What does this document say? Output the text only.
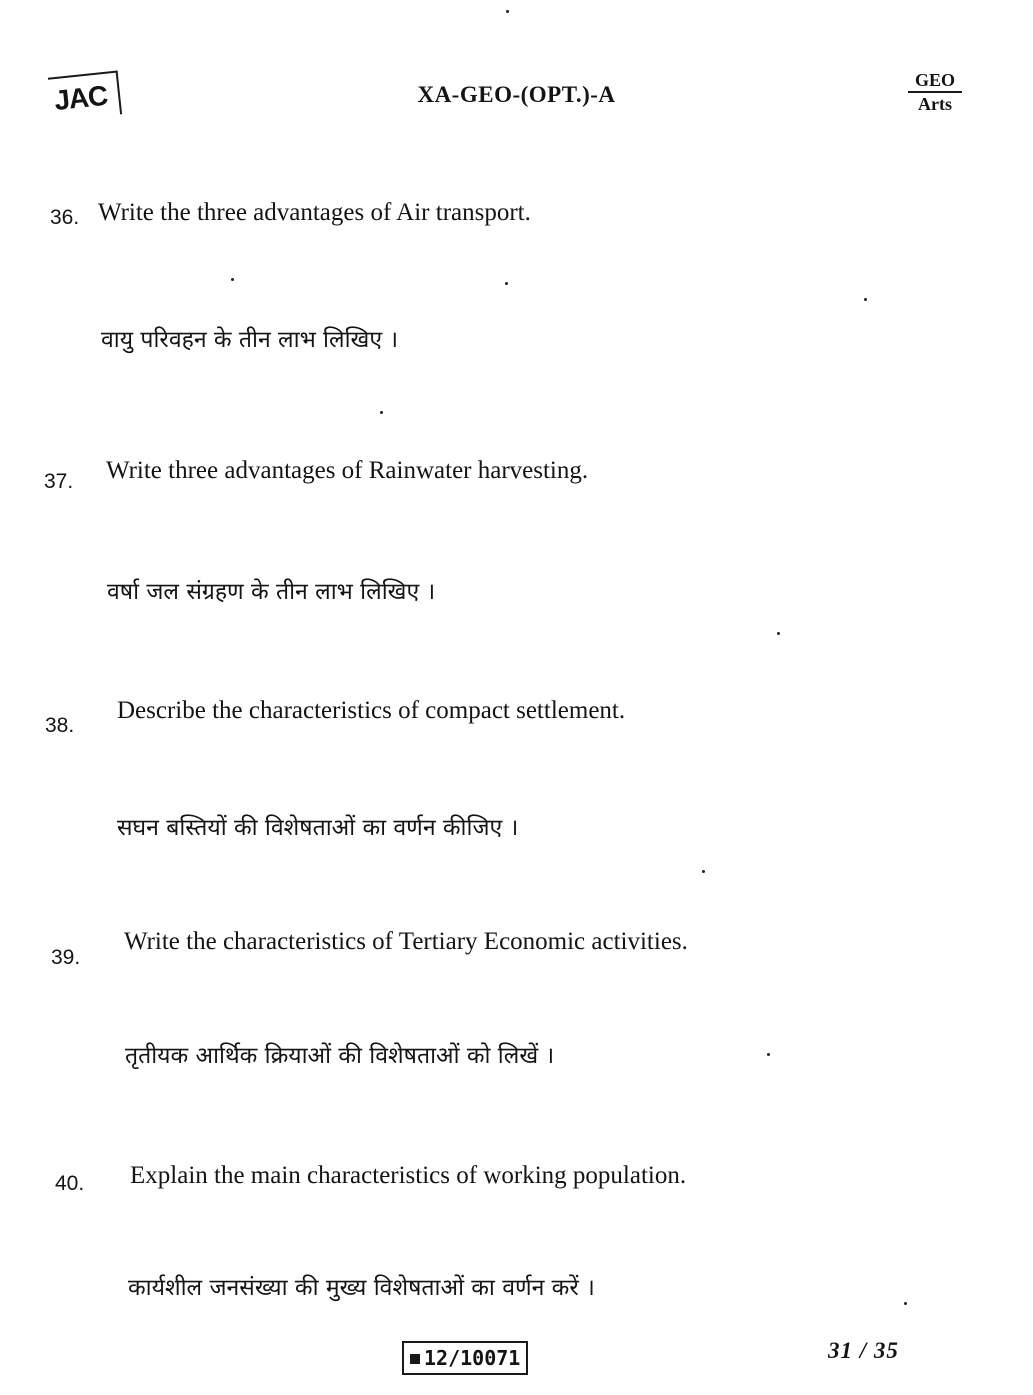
JAC	XA-GEO-(OPT.)-A
GEO
Arts
36. Write the three advantages of Air transport.
वायु परिवहन के तीन लाभ लिखिए ।
37. Write three advantages of Rainwater harvesting.
वर्षा जल संग्रहण के तीन लाभ लिखिए ।
38.
Describe the characteristics of compact settlement.
सघन बस्तियों की विशेषताओं का वर्णन कीजिए ।
39.
Write the characteristics of Tertiary Economic activities.
तृतीयक आर्थिक क्रियाओं की विशेषताओं को लिखें ।
40. Explain the main characteristics of working population.
कार्यशील जनसंख्या की मुख्य विशेषताओं का वर्णन करें ।
12/10071	31 / 35
